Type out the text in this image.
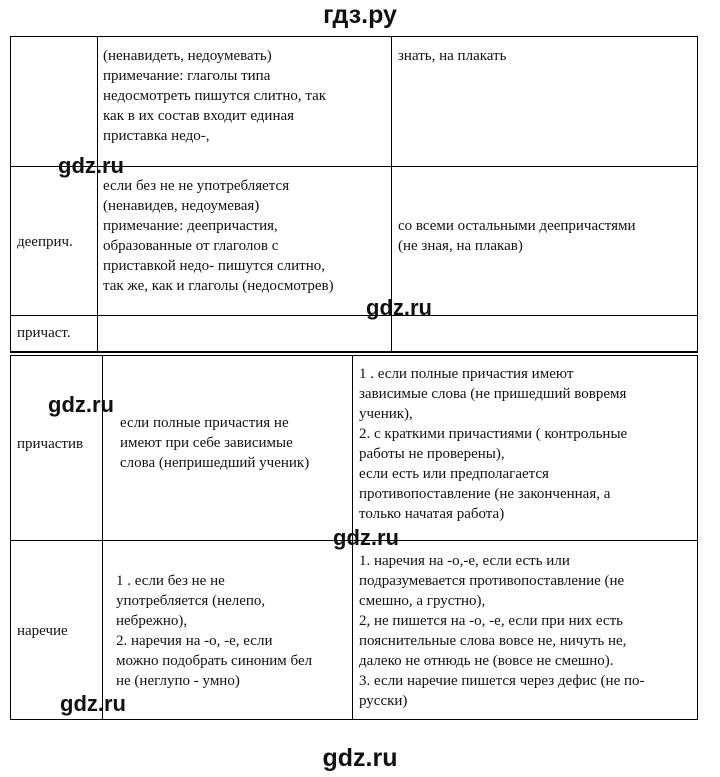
гдз.ру
(ненавидеть, недоумевать)
примечание: глаголы типа
недосмотреть пишутся слитно, так
как в их состав входит единая
приставка недо-,
знать, на плакать
дееприч.
если без не не употребляется
(ненавидев, недоумевая)
примечание: деепричастия,
образованные от глаголов с
приставкой недо- пишутся слитно,
так же, как и глаголы (недосмотрев)
со всеми остальными деепричастями
(не зная, на плакав)
причаст.
причастив
если полные причастия не
имеют при себе зависимые
слова (непришедший ученик)
1 . если полные причастия имеют
зависимые слова (не пришедший вовремя
ученик),
2. с краткими причастиями ( контрольные
работы не проверены),
если есть или предполагается
противопоставление (не законченная, а
только начатая работа)
наречие
1 . если без не не
употребляется (нелепо,
небрежно),
2. наречия на -о, -е, если
можно подобрать синоним бел
не (неглупо - умно)
1. наречия на -о,-е, если есть или
подразумевается противопоставление (не
смешно, а грустно),
2, не пишется на -о, -е, если при них есть
пояснительные слова вовсе не, ничуть не,
далеко не отнюдь не (вовсе не смешно).
3. если наречие пишется через дефис (не по-
русски)
gdz.ru
gdz.ru
gdz.ru
gdz.ru
gdz.ru
gdz.ru
